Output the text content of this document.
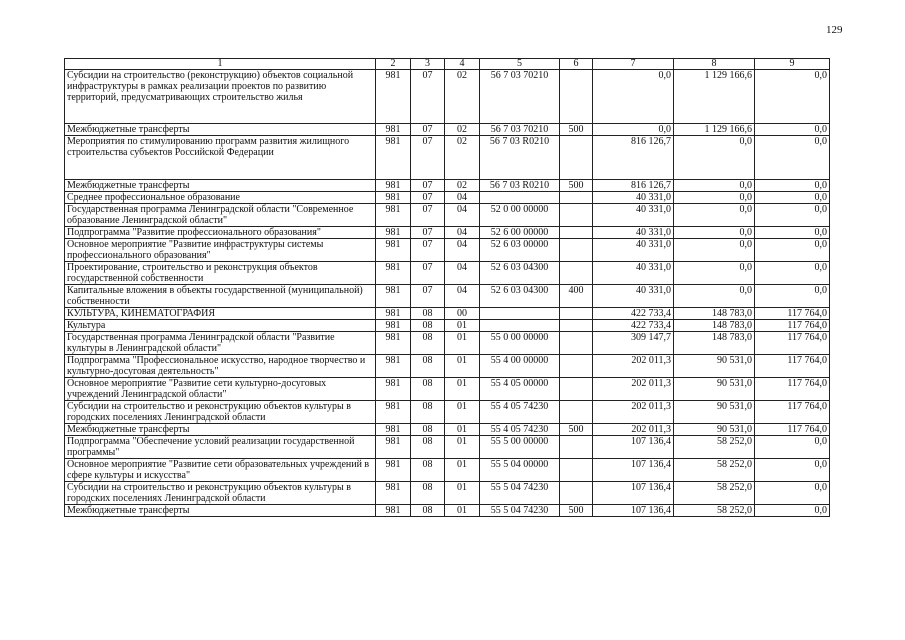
129
1	2	3	4	5	6	7	8	9
Субсидии на строительство (реконструкцию) объектов социальной инфраструктуры в рамках реализации проектов по развитию территорий, предусматривающих строительство жилья	981	07	02	56 7 03 70210		0,0	1 129 166,6	0,0
Межбюджетные трансферты	981	07	02	56 7 03 70210	500	0,0	1 129 166,6	0,0
Мероприятия по стимулированию программ развития жилищного строительства субъектов Российской Федерации	981	07	02	56 7 03 R0210		816 126,7	0,0	0,0
Межбюджетные трансферты	981	07	02	56 7 03 R0210	500	816 126,7	0,0	0,0
Среднее профессиональное образование	981	07	04			40 331,0	0,0	0,0
Государственная программа Ленинградской области "Современное образование Ленинградской области"	981	07	04	52 0 00 00000		40 331,0	0,0	0,0
Подпрограмма "Развитие профессионального образования"	981	07	04	52 6 00 00000		40 331,0	0,0	0,0
Основное мероприятие "Развитие инфраструктуры системы профессионального образования"	981	07	04	52 6 03 00000		40 331,0	0,0	0,0
Проектирование, строительство и реконструкция объектов государственной собственности	981	07	04	52 6 03 04300		40 331,0	0,0	0,0
Капитальные вложения в объекты государственной (муниципальной) собственности	981	07	04	52 6 03 04300	400	40 331,0	0,0	0,0
КУЛЬТУРА, КИНЕМАТОГРАФИЯ	981	08	00			422 733,4	148 783,0	117 764,0
Культура	981	08	01			422 733,4	148 783,0	117 764,0
Государственная программа Ленинградской области "Развитие культуры в Ленинградской области"	981	08	01	55 0 00 00000		309 147,7	148 783,0	117 764,0
Подпрограмма "Профессиональное искусство, народное творчество и культурно-досуговая деятельность"	981	08	01	55 4 00 00000		202 011,3	90 531,0	117 764,0
Основное мероприятие "Развитие сети культурно-досуговых учреждений Ленинградской области"	981	08	01	55 4 05 00000		202 011,3	90 531,0	117 764,0
Субсидии на строительство и реконструкцию объектов культуры в городских поселениях Ленинградской области	981	08	01	55 4 05 74230		202 011,3	90 531,0	117 764,0
Межбюджетные трансферты	981	08	01	55 4 05 74230	500	202 011,3	90 531,0	117 764,0
Подпрограмма "Обеспечение условий реализации государственной программы"	981	08	01	55 5 00 00000		107 136,4	58 252,0	0,0
Основное мероприятие "Развитие сети образовательных учреждений в сфере культуры и искусства"	981	08	01	55 5 04 00000		107 136,4	58 252,0	0,0
Субсидии на строительство и реконструкцию объектов культуры в городских поселениях Ленинградской области	981	08	01	55 5 04 74230		107 136,4	58 252,0	0,0
Межбюджетные трансферты	981	08	01	55 5 04 74230	500	107 136,4	58 252,0	0,0
